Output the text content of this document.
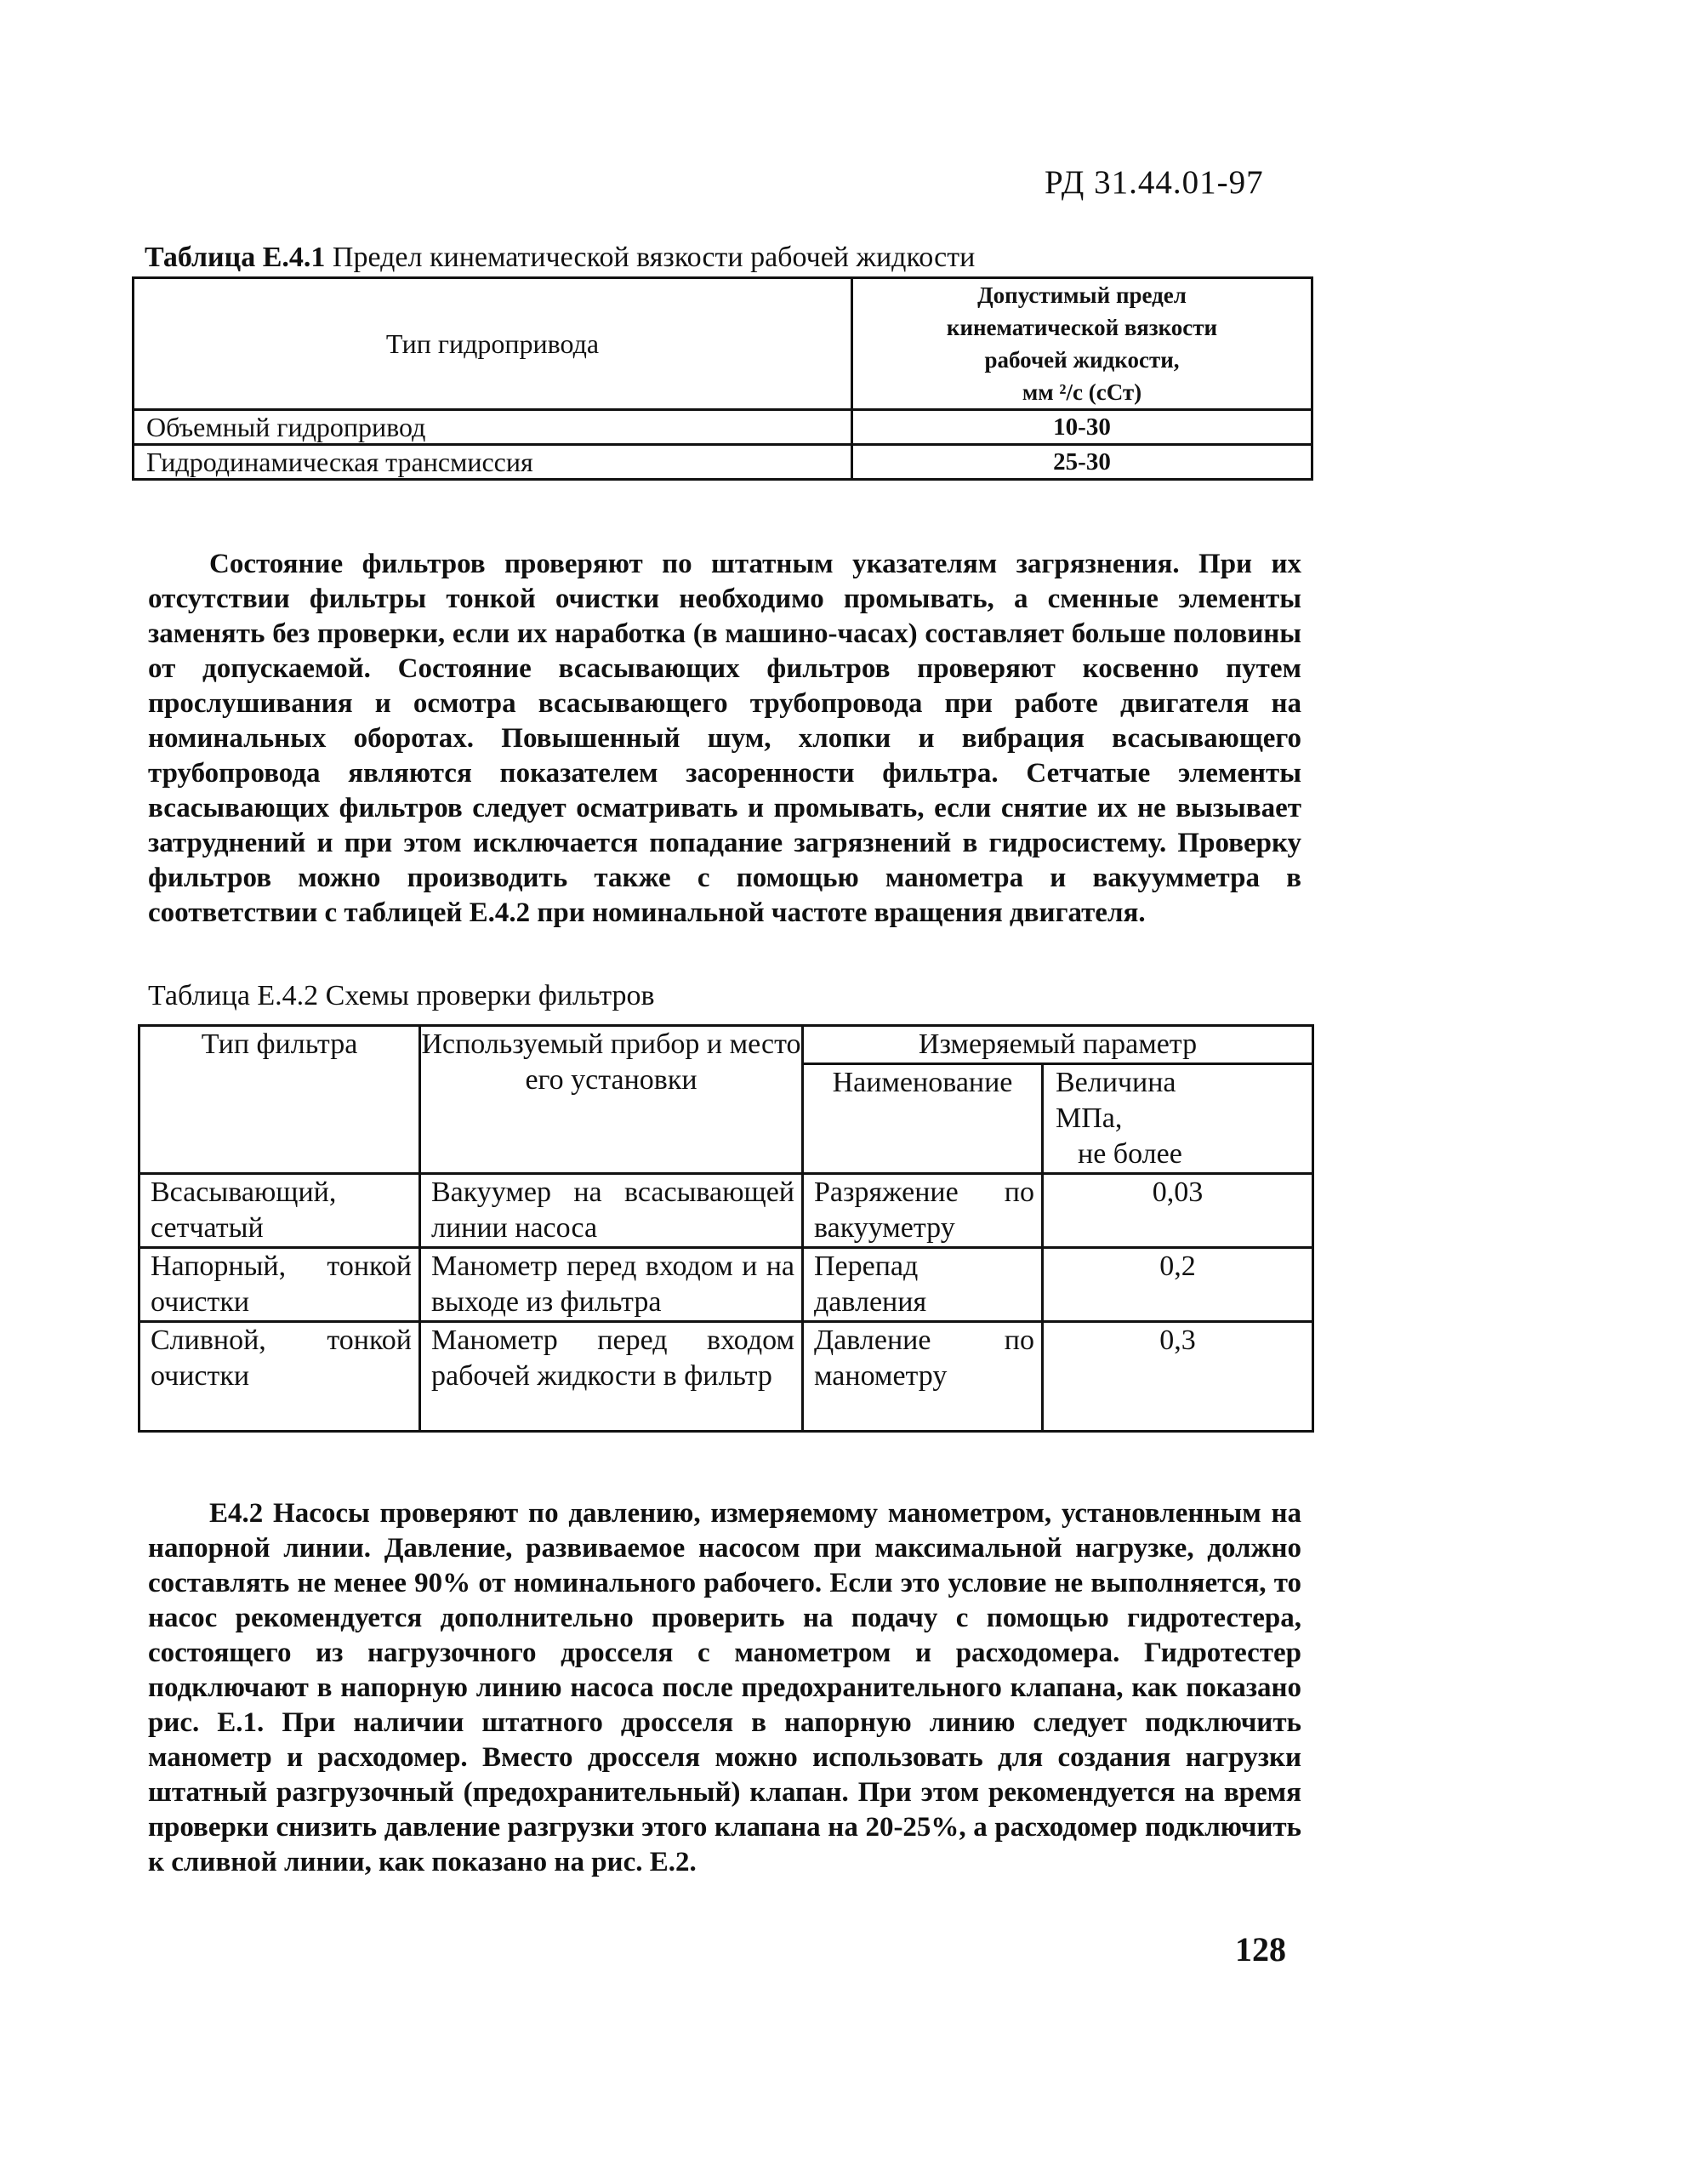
РД 31.44.01-97
Таблица Е.4.1 Предел кинематической вязкости рабочей жидкости
Тип гидропривода	Допустимый предел
кинематической вязкости
рабочей жидкости,
мм ²/с (сСт)

Объемный гидропривод	10-30
Гидродинамическая трансмиссия	25-30

Состояние фильтров проверяют по штатным указателям загрязнения. При их отсутствии фильтры тонкой очистки необходимо промывать, а сменные элементы заменять без проверки, если их наработка (в машино-часах) составляет больше половины от допускаемой. Состояние всасывающих фильтров проверяют косвенно путем прослушивания и осмотра всасывающего трубопровода при работе двигателя на номинальных оборотах. Повышенный шум, хлопки и вибрация всасывающего трубопровода являются показателем засоренности фильтра. Сетчатые элементы всасывающих фильтров следует осматривать и промывать, если снятие их не вызывает затруднений и при этом исключается попадание загрязнений в гидросистему. Проверку фильтров можно производить также с помощью манометра и вакуумметра в соответствии с таблицей Е.4.2 при номинальной частоте вращения двигателя.

Таблица Е.4.2 Схемы проверки фильтров
Тип фильтра	Используемый прибор и место его установки	Измеряемый параметр	
		Наименование	Величина
МПа,
не более

Всасывающий, сетчатый	Вакуумер на всасывающей линии насоса	Разряжение по вакууметру	0,03
Напорный, тонкой очистки	Манометр перед входом и на выходе из фильтра	Перепад давления	0,2
Сливной, тонкой очистки	Манометр перед входом рабочей жидкости в фильтр	Давление по манометру	0,3

Е4.2 Насосы проверяют по давлению, измеряемому манометром, установленным на напорной линии. Давление, развиваемое насосом при максимальной нагрузке, должно составлять не менее 90% от номинального рабочего. Если это условие не выполняется, то насос рекомендуется дополнительно проверить на подачу с помощью гидротестера, состоящего из нагрузочного дросселя с манометром и расходомера. Гидротестер подключают в напорную линию насоса после предохранительного клапана, как показано рис. Е.1. При наличии штатного дросселя в напорную линию следует подключить манометр и расходомер. Вместо дросселя можно использовать для создания нагрузки штатный разгрузочный (предохранительный) клапан. При этом рекомендуется на время проверки снизить давление разгрузки этого клапана на 20-25%, а расходомер подключить к сливной линии, как показано на рис. Е.2.

128
